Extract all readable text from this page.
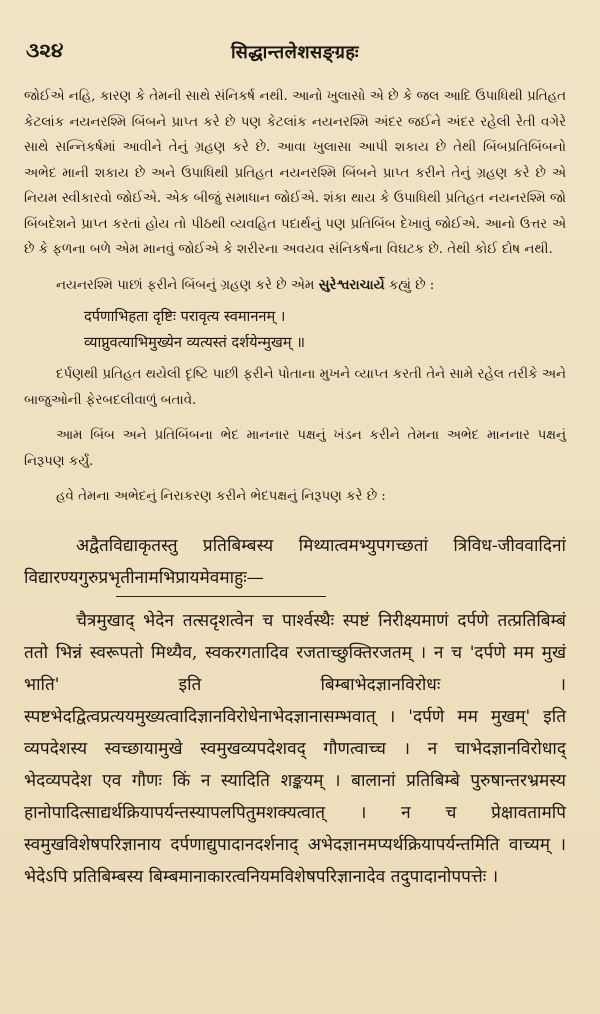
૩૨૪	सिद्धान्तलेशसङ्ग्रहः

જોઈએ નહિ, કારણ કે તેમની સાથે સંનિકર્ષ નથી. આનો ખુલાસો એ છે કે જલ આદિ ઉપાધિથી પ્રતિહત કેટલાંક નયનરશ્મિ બિંબને પ્રાપ્ત કરે છે પણ કેટલાંક નયનરશ્મિ અંદર જઈને અંદર રહેલી રેતી વગેરે સાથે સન્નિકર્ષમાં આવીને તેનું ગ્રહણ કરે છે. આવા ખુલાસા આપી શકાય છે તેથી બિંબપ્રતિબિંબનો અભેદ માની શકાય છે અને ઉપાધિથી પ્રતિહત નયનરશ્મિ બિંબને પ્રાપ્ત કરીને તેનું ગ્રહણ કરે છે એ નિયમ સ્વીકારવો જોઈએ. એક બીજું સમાધાન જોઈએ. શંકા થાય કે ઉપાધિથી પ્રતિહત નયનરશ્મિ જો બિંબદેશને પ્રાપ્ત કરતાં હોય તો પીઠથી વ્યવહિત પદાર્થનું પણ પ્રતિબિંબ દેખાવું જોઈએ. આનો ઉત્તર એ છે કે ફળના બળે એમ માનવું જોઈએ કે શરીરના અવયવ સંનિકર્ષના વિઘટક છે. તેથી કોઈ દોષ નથી.

નયનરશ્મિ પાછાં ફરીને બિંબનું ગ્રહણ કરે છે એમ સુરેશ્વરાચાર્યે કહ્યું છે :

दर्पणाभिहता दृष्टिः परावृत्य स्वमाननम् ।
व्याप्नुवत्याभिमुख्येन व्यत्यस्तं दर्शयेन्मुखम् ॥

દર્પણથી પ્રતિહત થયેલી દૃષ્ટિ પાછી ફરીને પોતાના મુખને વ્યાપ્ત કરતી તેને સામે રહેલ તરીકે અને બાજુઓની ફેરબદલીવાળું બતાવે.

આમ બિંબ અને પ્રતિબિંબના ભેદ માનનાર પક્ષનું ખંડન કરીને તેમના અભેદ માનનાર પક્ષનું નિરૂપણ કર્યું.

હવે તેમના અભેદનું નિરાકરણ કરીને ભેદપક્ષનું નિરૂપણ કરે છે :

अद्वैतविद्याकृतस्तु प्रतिबिम्बस्य मिथ्यात्वमभ्युपगच्छतां त्रिविध-जीववादिनां विद्यारण्यगुरुप्रभृतीनामभिप्रायमेवमाहुः—

चैत्रमुखाद् भेदेन तत्सदृशत्वेन च पार्श्वस्थैः स्पष्टं निरीक्ष्यमाणं दर्पणे तत्प्रतिबिम्बं ततो भिन्नं स्वरूपतो मिथ्यैव, स्वकरगतादिव रजताच्छुक्तिरजतम् । न च 'दर्पणे मम मुखं भाति' इति बिम्बाभेदज्ञानविरोधः । स्पष्टभेदद्वित्वप्रत्ययमुख्यत्वादिज्ञानविरोधेनाभेदज्ञानासम्भवात् । 'दर्पणे मम मुखम्' इति व्यपदेशस्य स्वच्छायामुखे स्वमुखव्यपदेशवद् गौणत्वाच्च । न चाभेदज्ञानविरोधाद् भेदव्यपदेश एव गौणः किं न स्यादिति शङ्कयम् । बालानां प्रतिबिम्बे पुरुषान्तरभ्रमस्य हानोपादित्साद्यर्थक्रियापर्यन्तस्यापलपितुमशक्यत्वात् । न च प्रेक्षावतामपि स्वमुखविशेषपरिज्ञानाय दर्पणाद्युपादानदर्शनाद् अभेदज्ञानमप्यर्थक्रियापर्यन्तमिति वाच्यम् । भेदेऽपि प्रतिबिम्बस्य बिम्बमानाकारत्वनियमविशेषपरिज्ञानादेव तदुपादानोपपत्तेः ।
